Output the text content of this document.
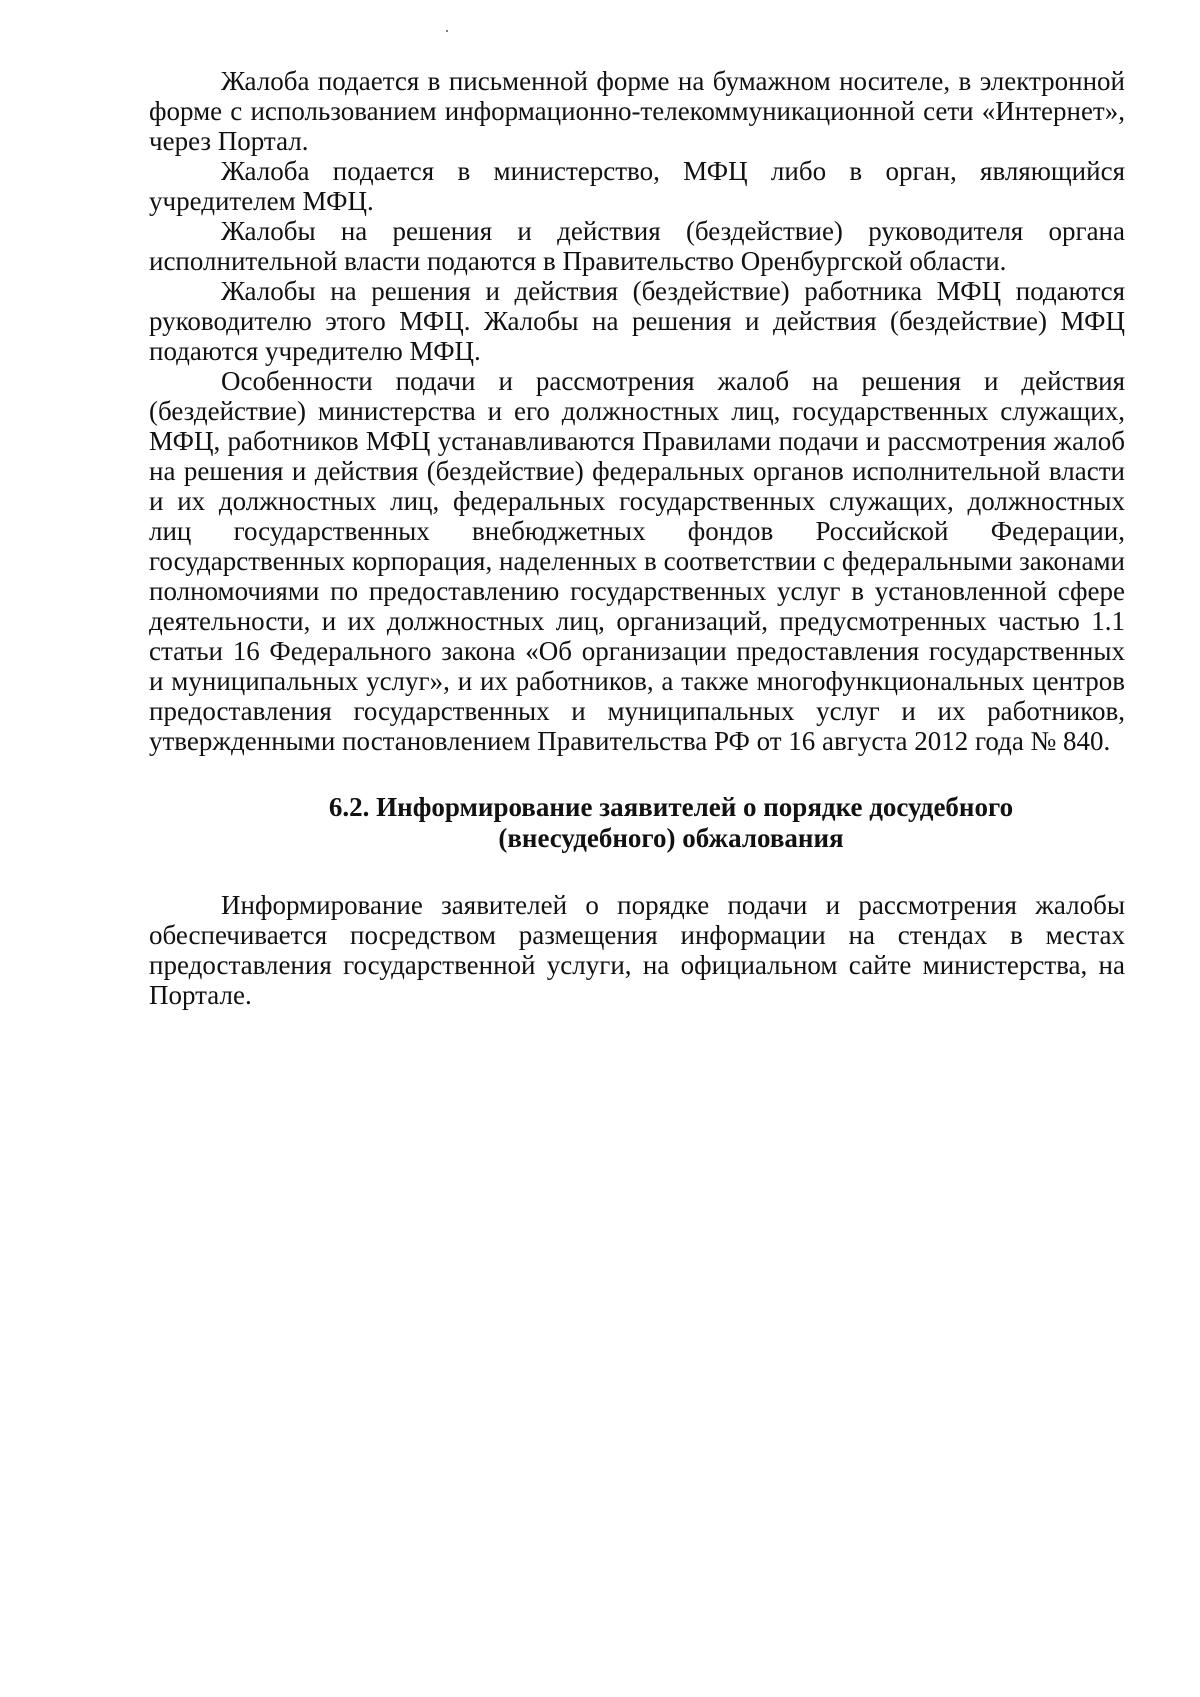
Жалоба подается в письменной форме на бумажном носителе, в электронной форме с использованием информационно-телекоммуникационной сети «Интернет», через Портал.

Жалоба подается в министерство, МФЦ либо в орган, являющийся учредителем МФЦ.

Жалобы на решения и действия (бездействие) руководителя органа исполнительной власти подаются в Правительство Оренбургской области.

Жалобы на решения и действия (бездействие) работника МФЦ подаются руководителю этого МФЦ. Жалобы на решения и действия (бездействие) МФЦ подаются учредителю МФЦ.

Особенности подачи и рассмотрения жалоб на решения и действия (бездействие) министерства и его должностных лиц, государственных служащих, МФЦ, работников МФЦ устанавливаются Правилами подачи и рассмотрения жалоб на решения и действия (бездействие) федеральных органов исполнительной власти и их должностных лиц, федеральных государственных служащих, должностных лиц государственных внебюджетных фондов Российской Федерации, государственных корпорация, наделенных в соответствии с федеральными законами полномочиями по предоставлению государственных услуг в установленной сфере деятельности, и их должностных лиц, организаций, предусмотренных частью 1.1 статьи 16 Федерального закона «Об организации предоставления государственных и муниципальных услуг», и их работников, а также многофункциональных центров предоставления государственных и муниципальных услуг и их работников, утвержденными постановлением Правительства РФ от 16 августа 2012 года № 840.

6.2. Информирование заявителей о порядке досудебного
(внесудебного) обжалования

Информирование заявителей о порядке подачи и рассмотрения жалобы обеспечивается посредством размещения информации на стендах в местах предоставления государственной услуги, на официальном сайте министерства, на Портале.
